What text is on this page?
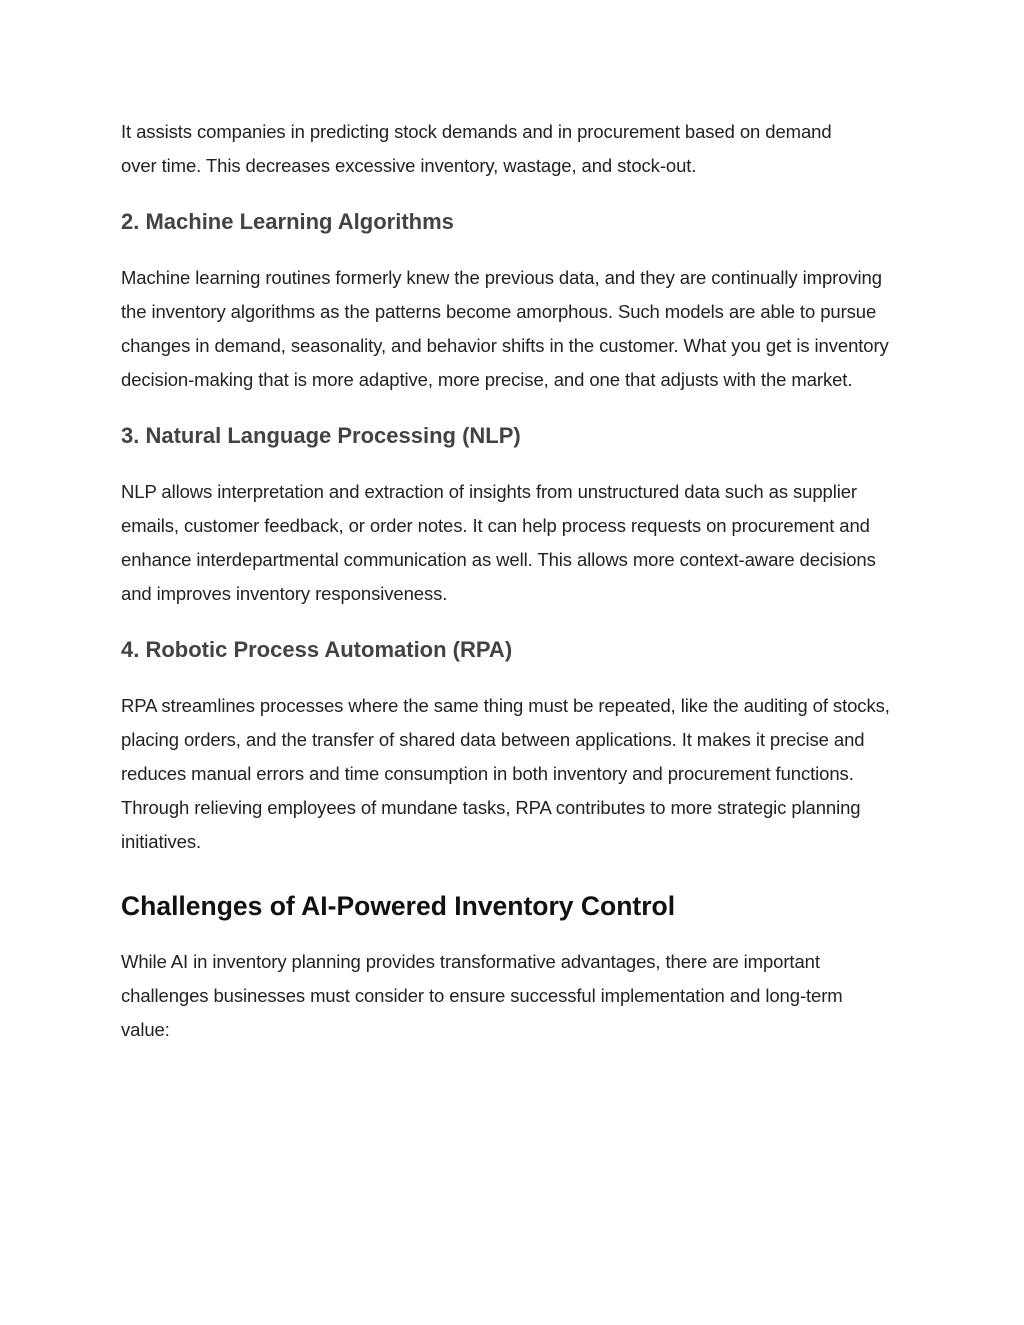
It assists companies in predicting stock demands and in procurement based on demand over time. This decreases excessive inventory, wastage, and stock-out.

2. Machine Learning Algorithms

Machine learning routines formerly knew the previous data, and they are continually improving the inventory algorithms as the patterns become amorphous. Such models are able to pursue changes in demand, seasonality, and behavior shifts in the customer. What you get is inventory decision-making that is more adaptive, more precise, and one that adjusts with the market.

3. Natural Language Processing (NLP)

NLP allows interpretation and extraction of insights from unstructured data such as supplier emails, customer feedback, or order notes. It can help process requests on procurement and enhance interdepartmental communication as well. This allows more context-aware decisions and improves inventory responsiveness.

4. Robotic Process Automation (RPA)

RPA streamlines processes where the same thing must be repeated, like the auditing of stocks, placing orders, and the transfer of shared data between applications. It makes it precise and reduces manual errors and time consumption in both inventory and procurement functions. Through relieving employees of mundane tasks, RPA contributes to more strategic planning initiatives.

Challenges of AI-Powered Inventory Control

While AI in inventory planning provides transformative advantages, there are important challenges businesses must consider to ensure successful implementation and long-term value:
